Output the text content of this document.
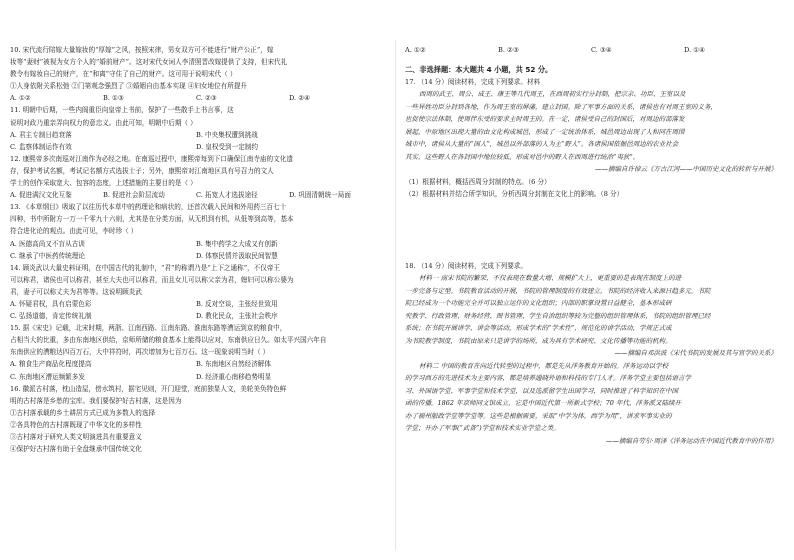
10. 宋代流行陪嫁大量嫁妆的“厚嫁”之风，按照宋律，男女双方可不能进行“财产公正”，嫁
妆等“妻财”被视为女方个人的“婚前财产”。这对宋代女词人李清照晋改嫁提供了支持，但宋代礼
教令有嫁妆自己的财产，在“和离”守住了自己的财产。这可用于说明宋代（ ）
①人身依附关系松弛 ②门第观念强烈了 ③婚姻自由基本实现 ④妇女地位有所提升
A. ①②	B. ①③	C. ②③	D. ②④
11. 明朝中后期，一些内阁重臣向皇帝上书前，保护了一些散手上书言事，这
说明对政乃重亲弄向权力的意忠义。由此可知，明朝中后期（ ）
A. 君主专制日趋衰落	B. 中央集权遭到挑战
C. 监察体制运作有效	D. 皇权受到一定制约
12. 康熙帝多次南巡对江南作为必经之地。在南巡过程中，康熙帝每到下口确保江南寺庙的文化遗
存，保护考试名额，考试记名额方式选拔士子；另外，康熙帝对江南地区具有号召力的文人
学士的创作采取宽大、包容的态度，上述措施的主要目的是（ ）
A. 促进满汉文化互鉴	B. 促进社会阶层流动	C. 拓宽人才选拔途径	D. 巩固清朝统一局面
13. 《本草纲目》吸取了以往历代本草中的药理论和病状的，还首次载入民间和外用药三百七十
四种，书中所附方一万一千零九十六则，尤其是在分类方面，从无机到有机，从低等到高等，基本
符合进化论的观点。由此可见，李时珍（ ）
A. 医德高尚又不盲从古训	B. 集中药学之大成又有创新
C. 继承了中医药传统理论	D. 体察民情并汲取民间智慧
14. 顾炎武以大量史料证明，在中国古代的礼制中，“君”的称谓乃是“上下之通称”，不仅帝王
可以称君，诸侯也可以称君，甚至大夫也可以称君，而且女儿可以称父亲为君，媳妇可以称公婆为
君，妻子可以称丈夫为君等等。这说明顾炎武
A. 怀疑君权，具有启蒙色彩	B. 反对空谈，主张经世致用
C. 弘扬道德，肯定传统礼制	D. 教化民众，主张社会秩序
15. 据《宋史》记载，北宋时期，两浙、江南西路、江南东路、淮南东路等漕运到京的粮食中，
占相当大的比重，多由东南地区供给，京师所储的粮食基本上能得以应对，东南供应日久。如太平兴国六年自
东南供应的漕粮达四百万石，大中祥符时，再次增加为七百万石。这一现象说明当时（ ）
A. 粮食生产商品化程度提高	B. 东南地区自然经济解体
C. 东南地区漕运频繁多发	D. 经济重心南移趋势明显
16. 徽派古村落，枕山造屋，傍水筑村，据宅见则，开门迎堂，庭前独显人文，美轮美奂特色鲜
明的古村落是乡愁的宝库。我们要保护好古村落，这是因为
①古村落承载的乡土耕居方式已成为多数人的选择
②各具特色的古村落既现了中华文化的多样性
③古村落对于研究人类文明演进具有重要意义
④保护好古村落有助于全盘继承中国传统文化
A. ①②	B. ②③	C. ③④	D. ①④
二、非选择题：本大题共 4 小题，共 52 分。
17. （14 分）阅读材料，完成下列要求。材料
西周的武王、周公、成王、康王等几代周王，在西周初实行分封制，把宗亲、功臣、王室以及
一些异姓功臣分封到各地，作为周王室的屏藩，建立封国。除了军事方面的关系，诸侯也有对周王室的义务，
也促使宗法体制，使周伴东受的要求主时周王的。在一定，诸侯受自己的封国后，对周边的部落发
展起，中原地区出现大量的由文化构成城邑，形成了一定统治体系，城邑周边出现了人和同在周围
城市中，诸侯从大量的“国人”，城邑以外部落的人为主“野人”。各诸侯国依据邑周边的农业社会
其实，这些野人在各封国中地位较低，形成对邑中的野人在西周进行统治“夷狄”。
——摘编自许倬云《万古江河——中国历史文化的转折与开展》
（1）根据材料，概括西周分封制的特点。（6 分）
（2）根据材料并结合所学知识，分析西周分封制在文化上的影响。（8 分）
18. （14 分）阅读材料，完成下列要求。
材料一 南宋书院的繁荣，不仅表现在数量大增、规模扩大上，更重要的是表现在制度上的进
一步完备与定型。书院教育活动的开展，书院的管理制度的有效建立，书院的经济收入来源日趋多元。书院
院已经成为一个功能完全并可以独立运作的文化组织；内部的职掌设置日益健全，基本形成研
究教学、行政管理、财务经营、图书管理、学生自治组织等较为完整的组织管理体系，书院的组织管理已经
系统；在书院开展讲学、讲会等活动，形成学术的“学术性”，规范化的讲学活动，学规正式成
为书院教学制度，书院由原来只是讲学的场所，成为具有学术研究、文化传播等功能的机构。
——摘编自邓洪波《宋代书院的发展及其与官学的关系》
材料二 中国的教育在向近代转型的过程中，都是先从洋务教育开始的。洋务运动以学校
的学习西方的先进技术为主要内容，都是培养通晓外语和科技的专门人才。洋务学堂主要包括语言学
习、外国语学堂、军事学堂和技术学堂，以及选派留学生出国学习，同时推进了科学知识在中国
函的传播。1862 年京师同文馆成立，它是中国近代第一所新式学校；70 年代，洋务派又陆续开
办了福州船政学堂等学堂等。这些是根据需要，采取“中学为体，西学为用”，讲求军事实业的
学堂；开办了军事(“武备”)学堂和技术实业学堂之类。
——摘编自劳尔·周泽《洋务运动在中国近代教育中的作用》
